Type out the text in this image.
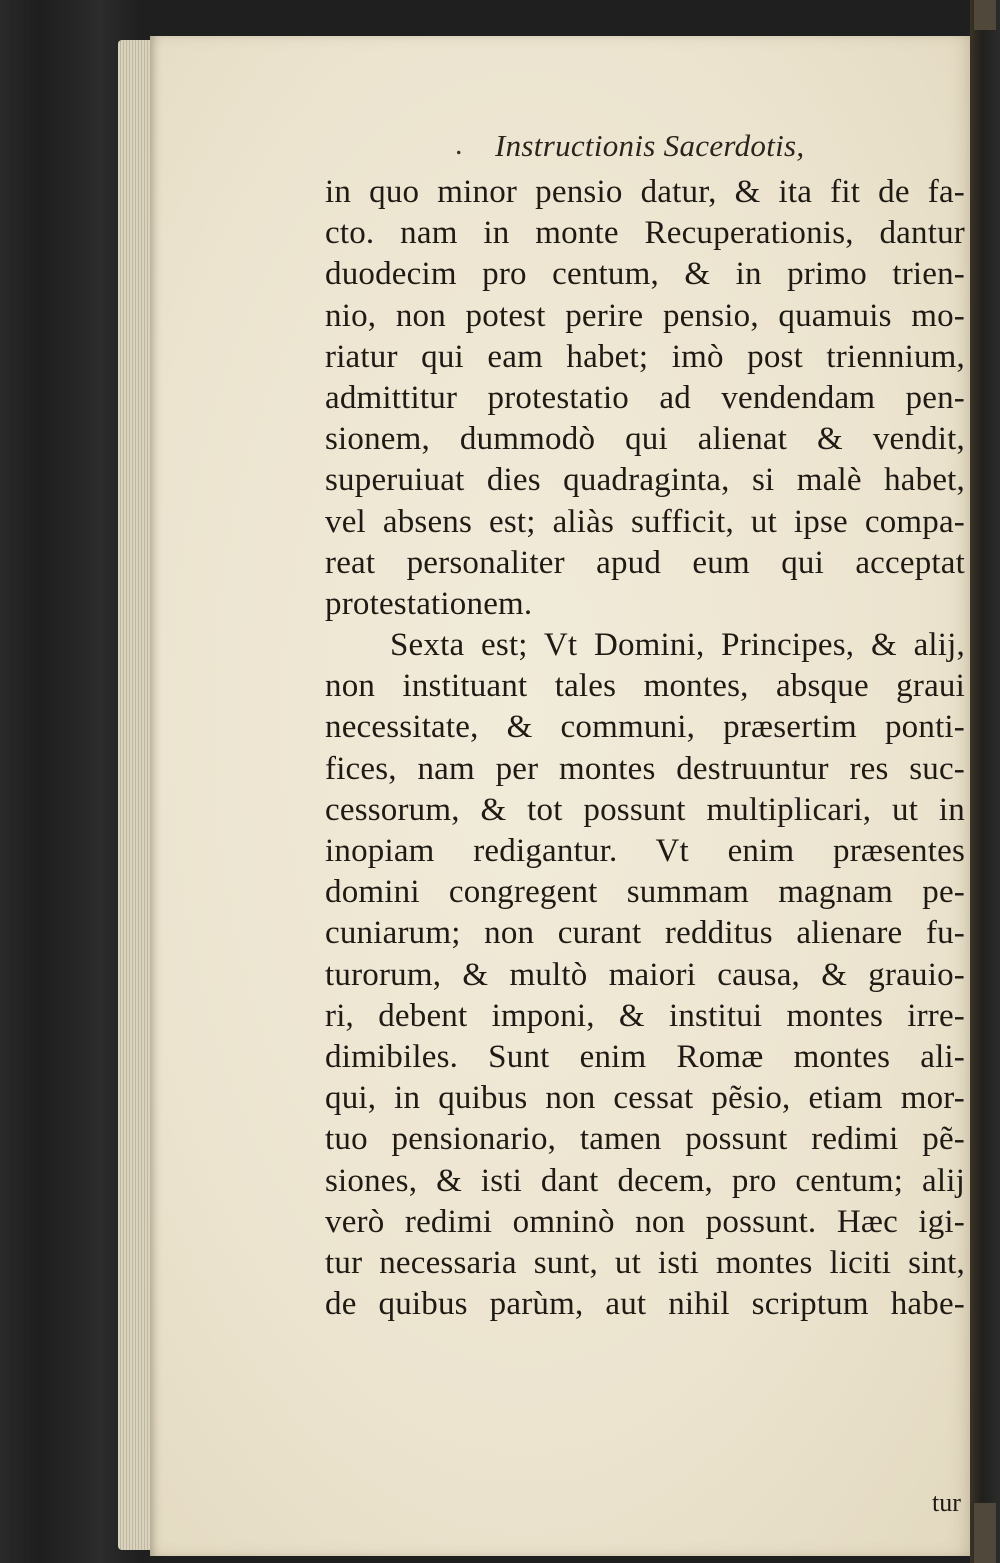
. Instructionis Sacerdotis,
in quo minor pensio datur, & ita fit de fa-
cto. nam in monte Recuperationis, dantur
duodecim pro centum, & in primo trien-
nio, non potest perire pensio, quamuis mo-
riatur qui eam habet; imò post triennium,
admittitur protestatio ad vendendam pen-
sionem, dummodò qui alienat & vendit,
superuiuat dies quadraginta, si malè habet,
vel absens est; aliàs sufficit, ut ipse compa-
reat personaliter apud eum qui acceptat
protestationem.
Sexta est; Vt Domini, Principes, & alij,
non instituant tales montes, absque graui
necessitate, & communi, præsertim ponti-
fices, nam per montes destruuntur res suc-
cessorum, & tot possunt multiplicari, ut in
inopiam redigantur. Vt enim præsentes
domini congregent summam magnam pe-
cuniarum; non curant redditus alienare fu-
turorum, & multò maiori causa, & grauio-
ri, debent imponi, & institui montes irre-
dimibiles. Sunt enim Romæ montes ali-
qui, in quibus non cessat pẽsio, etiam mor-
tuo pensionario, tamen possunt redimi pẽ-
siones, & isti dant decem, pro centum; alij
verò redimi omninò non possunt. Hæc igi-
tur necessaria sunt, ut isti montes liciti sint,
de quibus parùm, aut nihil scriptum habe-
tur
